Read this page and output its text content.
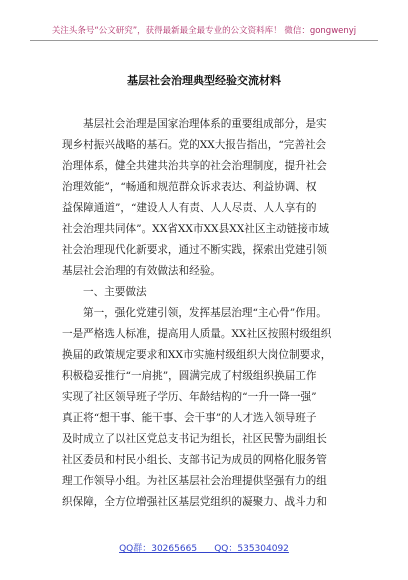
关注头条号“公文研究”，获得最新最全最专业的公文资料库！ 微信：gongwenyj
基层社会治理典型经验交流材料
基层社会治理是国家治理体系的重要组成部分，是实
现乡村振兴战略的基石。党的XX大报告指出，“完善社会
治理体系，健全共建共治共享的社会治理制度，提升社会
治理效能”，“畅通和规范群众诉求表达、利益协调、权
益保障通道”，“建设人人有责、人人尽责、人人享有的
社会治理共同体”。XX省XX市XX县XX社区主动链接市域
社会治理现代化新要求，通过不断实践，探索出党建引领
基层社会治理的有效做法和经验。
一、主要做法
第一，强化党建引领，发挥基层治理“主心骨”作用。
一是严格选人标准，提高用人质量。XX社区按照村级组织
换届的政策规定要求和XX市实施村级组织大岗位制要求，
积极稳妥推行“一肩挑”，圆满完成了村级组织换届工作
实现了社区领导班子学历、年龄结构的“一升一降一强”
真正将“想干事、能干事、会干事”的人才选入领导班子
及时成立了以社区党总支书记为组长，社区民警为副组长
社区委员和村民小组长、支部书记为成员的网格化服务管
理工作领导小组。为社区基层社会治理提供坚强有力的组
织保障，全方位增强社区基层党组织的凝聚力、战斗力和
QQ群：30265665      QQ：535304092
